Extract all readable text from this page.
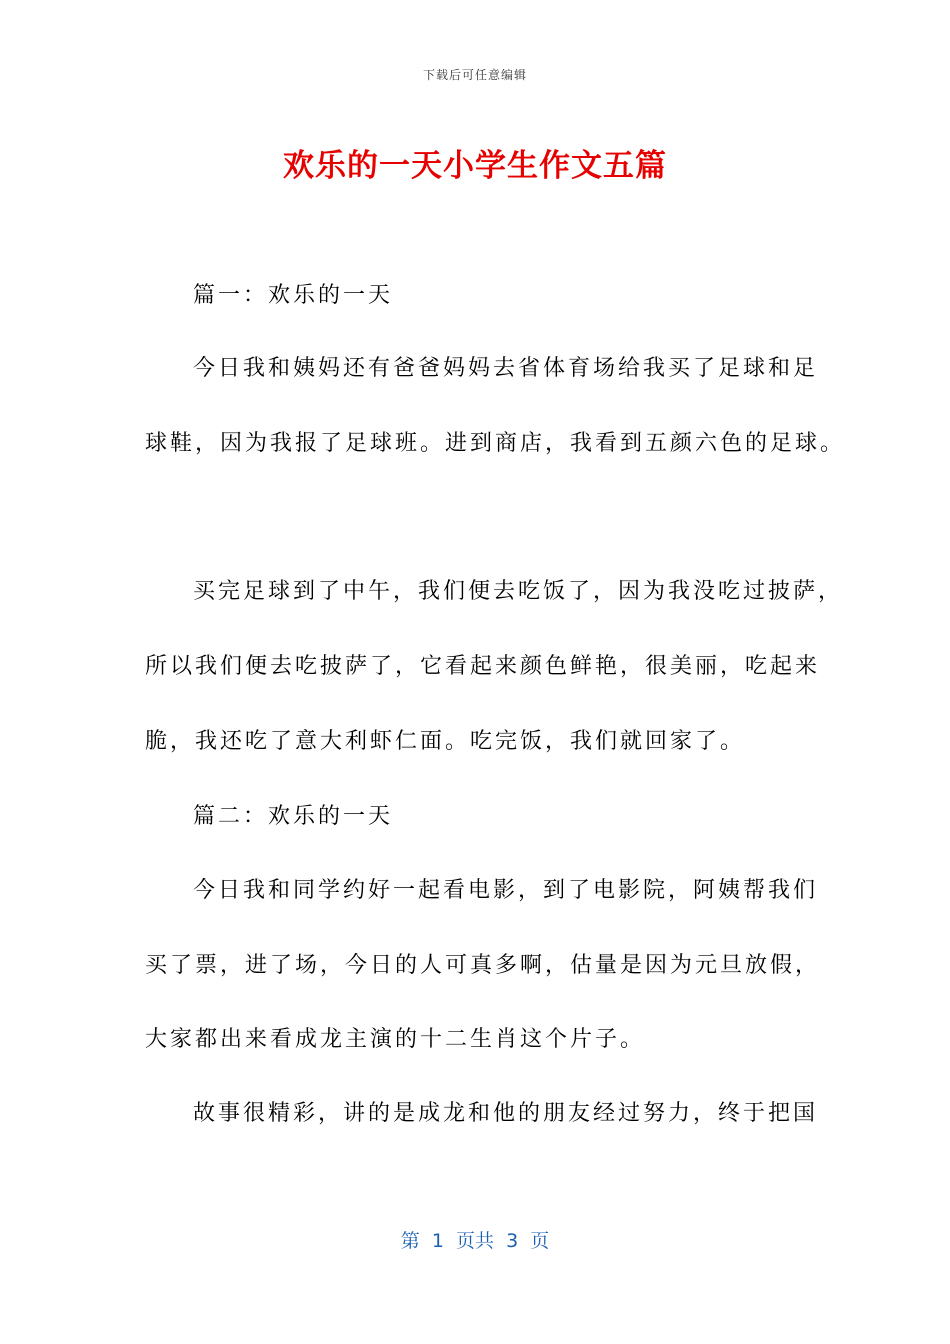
下载后可任意编辑
欢乐的一天小学生作文五篇
篇一：欢乐的一天
今日我和姨妈还有爸爸妈妈去省体育场给我买了足球和足
球鞋，因为我报了足球班。进到商店，我看到五颜六色的足球。
买完足球到了中午，我们便去吃饭了，因为我没吃过披萨，
所以我们便去吃披萨了，它看起来颜色鲜艳，很美丽，吃起来
脆，我还吃了意大利虾仁面。吃完饭，我们就回家了。
篇二：欢乐的一天
今日我和同学约好一起看电影，到了电影院，阿姨帮我们
买了票，进了场，今日的人可真多啊，估量是因为元旦放假，
大家都出来看成龙主演的十二生肖这个片子。
故事很精彩，讲的是成龙和他的朋友经过努力，终于把国
第  1  页共  3  页
